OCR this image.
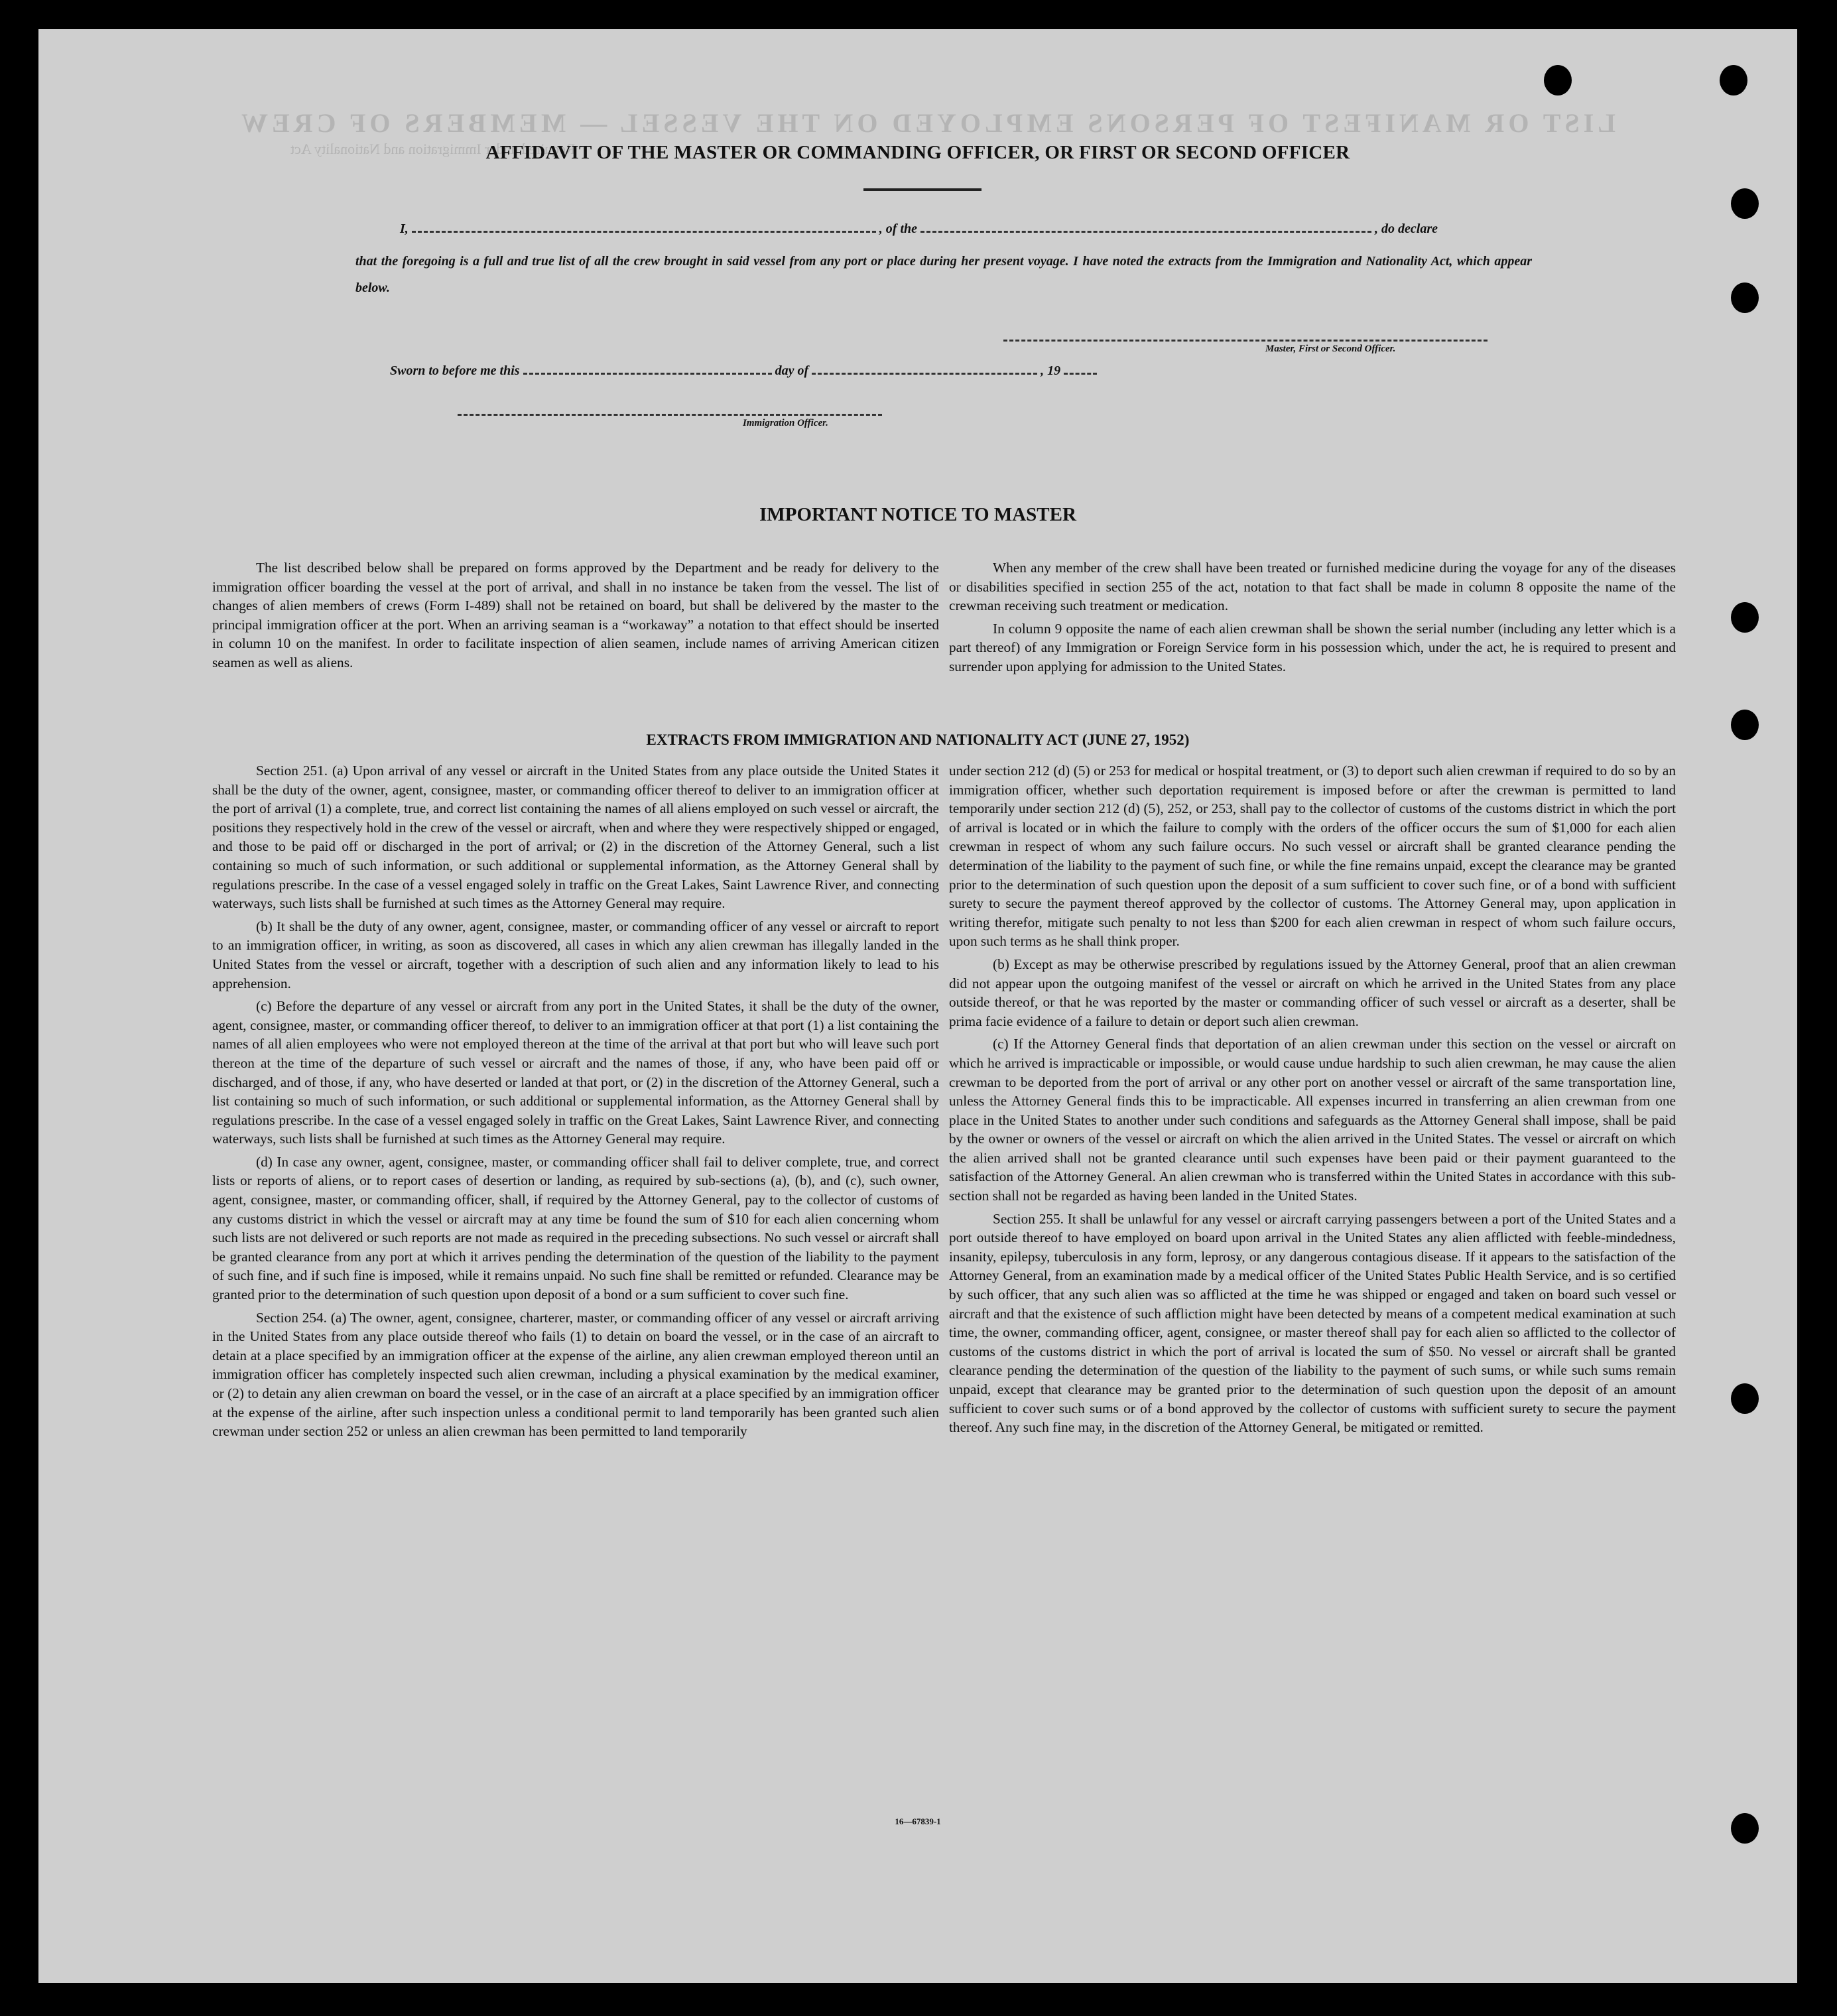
LIST OR MANIFEST OF PERSONS EMPLOYED ON THE VESSEL — MEMBERS OF CREW
Required under Immigration and Nationality Act
AFFIDAVIT OF THE MASTER OR COMMANDING OFFICER, OR FIRST OR SECOND OFFICER
I,	, of the	, do declare
that the foregoing is a full and true list of all the crew brought in said vessel from any port or place during her present voyage. I have noted the extracts from the Immigration and Nationality Act, which appear below.
Master, First or Second Officer.
Sworn to before me this	day of	, 19
Immigration Officer.
IMPORTANT NOTICE TO MASTER

The list described below shall be prepared on forms approved by the Department and be ready for delivery to the immigration officer boarding the vessel at the port of arrival, and shall in no instance be taken from the vessel. The list of changes of alien members of crews (Form I-489) shall not be retained on board, but shall be delivered by the master to the principal immigration officer at the port. When an arriving seaman is a “workaway” a notation to that effect should be inserted in column 10 on the manifest. In order to facilitate inspection of alien seamen, include names of arriving American citizen seamen as well as aliens.

When any member of the crew shall have been treated or furnished medicine during the voyage for any of the diseases or disabilities specified in section 255 of the act, notation to that fact shall be made in column 8 opposite the name of the crewman receiving such treatment or medication.

In column 9 opposite the name of each alien crewman shall be shown the serial number (including any letter which is a part thereof) of any Immigration or Foreign Service form in his possession which, under the act, he is required to present and surrender upon applying for admission to the United States.

EXTRACTS FROM IMMIGRATION AND NATIONALITY ACT (JUNE 27, 1952)

Section 251. (a) Upon arrival of any vessel or aircraft in the United States from any place outside the United States it shall be the duty of the owner, agent, consignee, master, or commanding officer thereof to deliver to an immigration officer at the port of arrival (1) a complete, true, and correct list containing the names of all aliens employed on such vessel or aircraft, the positions they respectively hold in the crew of the vessel or aircraft, when and where they were respectively shipped or engaged, and those to be paid off or discharged in the port of arrival; or (2) in the discretion of the Attorney General, such a list containing so much of such information, or such additional or supplemental information, as the Attorney General shall by regulations prescribe. In the case of a vessel engaged solely in traffic on the Great Lakes, Saint Lawrence River, and connecting waterways, such lists shall be furnished at such times as the Attorney General may require.

(b) It shall be the duty of any owner, agent, consignee, master, or commanding officer of any vessel or aircraft to report to an immigration officer, in writing, as soon as discovered, all cases in which any alien crewman has illegally landed in the United States from the vessel or aircraft, together with a description of such alien and any information likely to lead to his apprehension.

(c) Before the departure of any vessel or aircraft from any port in the United States, it shall be the duty of the owner, agent, consignee, master, or commanding officer thereof, to deliver to an immigration officer at that port (1) a list containing the names of all alien employees who were not employed thereon at the time of the arrival at that port but who will leave such port thereon at the time of the departure of such vessel or aircraft and the names of those, if any, who have been paid off or discharged, and of those, if any, who have deserted or landed at that port, or (2) in the discretion of the Attorney General, such a list containing so much of such information, or such additional or supplemental information, as the Attorney General shall by regulations prescribe. In the case of a vessel engaged solely in traffic on the Great Lakes, Saint Lawrence River, and connecting waterways, such lists shall be furnished at such times as the Attorney General may require.

(d) In case any owner, agent, consignee, master, or commanding officer shall fail to deliver complete, true, and correct lists or reports of aliens, or to report cases of desertion or landing, as required by sub-sections (a), (b), and (c), such owner, agent, consignee, master, or commanding officer, shall, if required by the Attorney General, pay to the collector of customs of any customs district in which the vessel or aircraft may at any time be found the sum of $10 for each alien concerning whom such lists are not delivered or such reports are not made as required in the preceding subsections. No such vessel or aircraft shall be granted clearance from any port at which it arrives pending the determination of the question of the liability to the payment of such fine, and if such fine is imposed, while it remains unpaid. No such fine shall be remitted or refunded. Clearance may be granted prior to the determination of such question upon deposit of a bond or a sum sufficient to cover such fine.

Section 254. (a) The owner, agent, consignee, charterer, master, or commanding officer of any vessel or aircraft arriving in the United States from any place outside thereof who fails (1) to detain on board the vessel, or in the case of an aircraft to detain at a place specified by an immigration officer at the expense of the airline, any alien crewman employed thereon until an immigration officer has completely inspected such alien crewman, including a physical examination by the medical examiner, or (2) to detain any alien crewman on board the vessel, or in the case of an aircraft at a place specified by an immigration officer at the expense of the airline, after such inspection unless a conditional permit to land temporarily has been granted such alien crewman under section 252 or unless an alien crewman has been permitted to land temporarily

under section 212 (d) (5) or 253 for medical or hospital treatment, or (3) to deport such alien crewman if required to do so by an immigration officer, whether such deportation requirement is imposed before or after the crewman is permitted to land temporarily under section 212 (d) (5), 252, or 253, shall pay to the collector of customs of the customs district in which the port of arrival is located or in which the failure to comply with the orders of the officer occurs the sum of $1,000 for each alien crewman in respect of whom any such failure occurs. No such vessel or aircraft shall be granted clearance pending the determination of the liability to the payment of such fine, or while the fine remains unpaid, except the clearance may be granted prior to the determination of such question upon the deposit of a sum sufficient to cover such fine, or of a bond with sufficient surety to secure the payment thereof approved by the collector of customs. The Attorney General may, upon application in writing therefor, mitigate such penalty to not less than $200 for each alien crewman in respect of whom such failure occurs, upon such terms as he shall think proper.

(b) Except as may be otherwise prescribed by regulations issued by the Attorney General, proof that an alien crewman did not appear upon the outgoing manifest of the vessel or aircraft on which he arrived in the United States from any place outside thereof, or that he was reported by the master or commanding officer of such vessel or aircraft as a deserter, shall be prima facie evidence of a failure to detain or deport such alien crewman.

(c) If the Attorney General finds that deportation of an alien crewman under this section on the vessel or aircraft on which he arrived is impracticable or impossible, or would cause undue hardship to such alien crewman, he may cause the alien crewman to be deported from the port of arrival or any other port on another vessel or aircraft of the same transportation line, unless the Attorney General finds this to be impracticable. All expenses incurred in transferring an alien crewman from one place in the United States to another under such conditions and safeguards as the Attorney General shall impose, shall be paid by the owner or owners of the vessel or aircraft on which the alien arrived in the United States. The vessel or aircraft on which the alien arrived shall not be granted clearance until such expenses have been paid or their payment guaranteed to the satisfaction of the Attorney General. An alien crewman who is transferred within the United States in accordance with this sub-section shall not be regarded as having been landed in the United States.

Section 255. It shall be unlawful for any vessel or aircraft carrying passengers between a port of the United States and a port outside thereof to have employed on board upon arrival in the United States any alien afflicted with feeble-mindedness, insanity, epilepsy, tuberculosis in any form, leprosy, or any dangerous contagious disease. If it appears to the satisfaction of the Attorney General, from an examination made by a medical officer of the United States Public Health Service, and is so certified by such officer, that any such alien was so afflicted at the time he was shipped or engaged and taken on board such vessel or aircraft and that the existence of such affliction might have been detected by means of a competent medical examination at such time, the owner, commanding officer, agent, consignee, or master thereof shall pay for each alien so afflicted to the collector of customs of the customs district in which the port of arrival is located the sum of $50. No vessel or aircraft shall be granted clearance pending the determination of the question of the liability to the payment of such sums, or while such sums remain unpaid, except that clearance may be granted prior to the determination of such question upon the deposit of an amount sufficient to cover such sums or of a bond approved by the collector of customs with sufficient surety to secure the payment thereof. Any such fine may, in the discretion of the Attorney General, be mitigated or remitted.

16—67839-1
